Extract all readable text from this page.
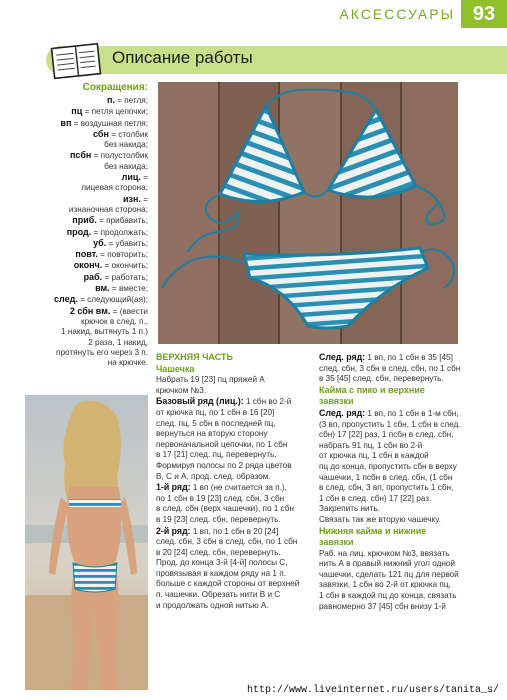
АКСЕССУАРЫ 93
Описание работы
Сокращения:
п. = петля;
пц = петля цепочки;
вп = воздушная петля;
сбн = столбик
без накида;
псбн = полустолбик
без накида;
лиц. =
лицевая сторона;
изн. =
изнаночная сторона;
приб. = прибавить;
прод. = продолжать;
уб. = убавить;
повт. = повторить;
оконч. = окончить;
раб. = работать;
вм. = вместе;
след. = следующий(ая);
2 сбн вм. = (ввести
крючок в след. п.,
1 накид, вытянуть 1 п.)
2 раза, 1 накид,
протянуть его через 3 п.
на крючке.
ВЕРХНЯЯ ЧАСТЬ
Чашечка
Набрать 19 [23] пц пряжей А
крючком №3.
Базовый ряд (лиц.): 1 сбн во 2-й
от крючка пц, по 1 сбн в 16 [20]
след. пц, 5 сбн в последней пц,
вернуться на вторую сторону
первоначальной цепочки, по 1 сбн
в 17 [21] след. пц, перевернуть.
Формируя полосы по 2 ряда цветов
В, С и А, прод. след. образом.
1-й ряд: 1 вп (не считается за п.),
по 1 сбн в 19 [23] след. сбн, 3 сбн
в след. сбн (верх чашечки), по 1 сбн
в 19 [23] след. сбн, перевернуть.
2-й ряд: 1 вп, по 1 сбн в 20 [24]
след. сбн, 3 сбн в след. сбн, по 1 сбн
в 20 [24] след. сбн, перевернуть.
Прод. до конца 3-й [4-й] полосы С,
провязывая в каждом ряду на 1 п.
больше с каждой стороны от верхней
п. чашечки. Обрезать нити В и С
и продолжать одной нитью А.
След. ряд: 1 вп, по 1 сбн в 35 [45]
след. сбн, 3 сбн в след. сбн, по 1 сбн
в 35 [45] след. сбн, перевернуть.
Кайма с пико и верхние
завязки
След. ряд: 1 вп, по 1 сбн в 1-м сбн,
(3 вп, пропустить 1 сбн, 1 сбн в след.
сбн) 17 [22] раз, 1 псбн в след. сбн,
набрать 91 пц, 1 сбн во 2-й
от крючка пц, 1 сбн в каждой
пц до конца, пропустить сбн в верху
чашечки, 1 псбн в след. сбн, (1 сбн
в след. сбн, 3 вп, пропустить 1 сбн,
1 сбн в след. сбн) 17 [22] раз.
Закрепить нить.
Связать так же вторую чашечку.
Нижняя кайма и нижние
завязки
Раб. на лиц. крючком №3, ввязать
нить А в правый нижний угол одной
чашечки, сделать 121 пц для первой
завязки, 1 сбн во 2-й от крючка пц,
1 сбн в каждой пц до конца, связать
равномерно 37 [45] сбн внизу 1-й
http://www.liveinternet.ru/users/tanita_s/
